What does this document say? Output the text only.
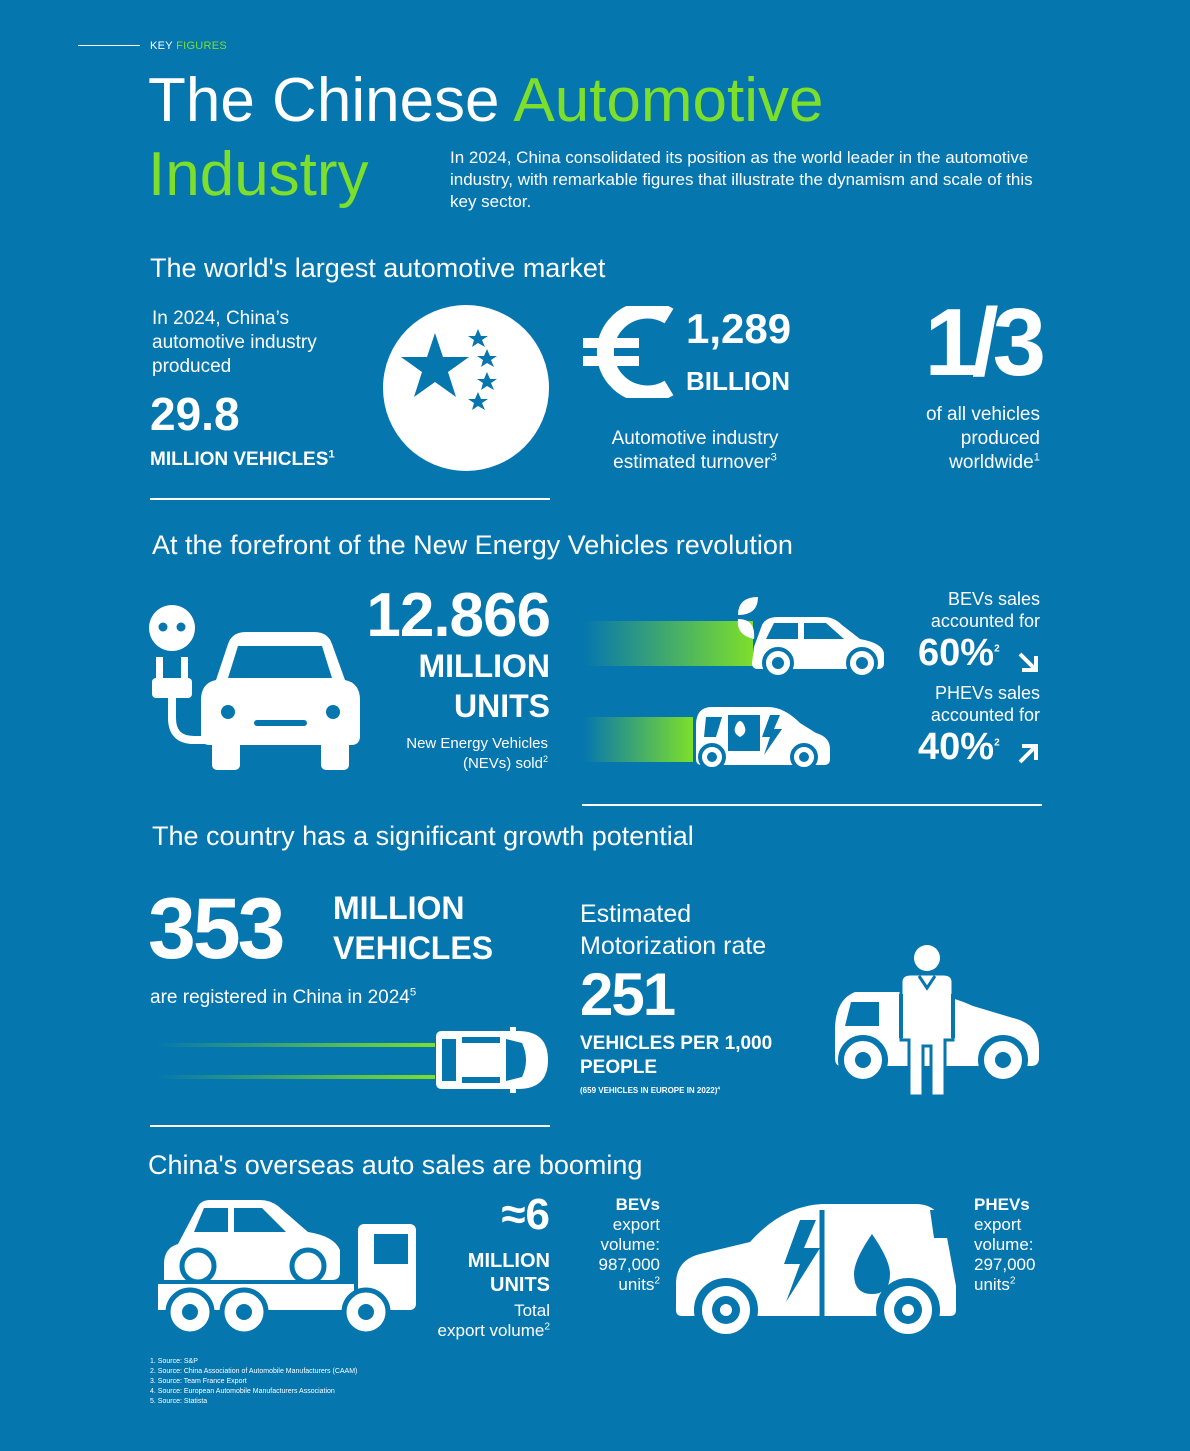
KEY FIGURES
The Chinese Automotive
Industry	In 2024, China consolidated its position as the world leader in the automotive industry, with remarkable figures that illustrate the dynamism and scale of this key sector.
The world's largest automotive market
In 2024, China’s automotive industry produced
29.8
MILLION VEHICLES$^1$
1,289
BILLION
Automotive industry estimated turnover$^3$
1/3
of all vehicles produced worldwide$^1$
At the forefront of the New Energy Vehicles revolution
12.866
MILLION
UNITS
New Energy Vehicles (NEVs) sold$^2$
BEVs sales accounted for
60%$^2$
PHEVs sales accounted for
40%$^2$
The country has a significant growth potential
353 MILLION
VEHICLES
are registered in China in 2024$^5$
Estimated Motorization rate
251
VEHICLES PER 1,000 PEOPLE
(659 VEHICLES IN EUROPE IN 2022)$^4$
China's overseas auto sales are booming
≈6
MILLION
UNITS
Total
export volume$^2$
BEVs
export volume: 987,000 units$^2$
PHEVs
export volume: 297,000 units$^2$
1. Source: S&P
2. Source: China Association of Automobile Manufacturers (CAAM)
3. Source: Team France Export
4. Source: European Automobile Manufacturers Association
5. Source: Statista
